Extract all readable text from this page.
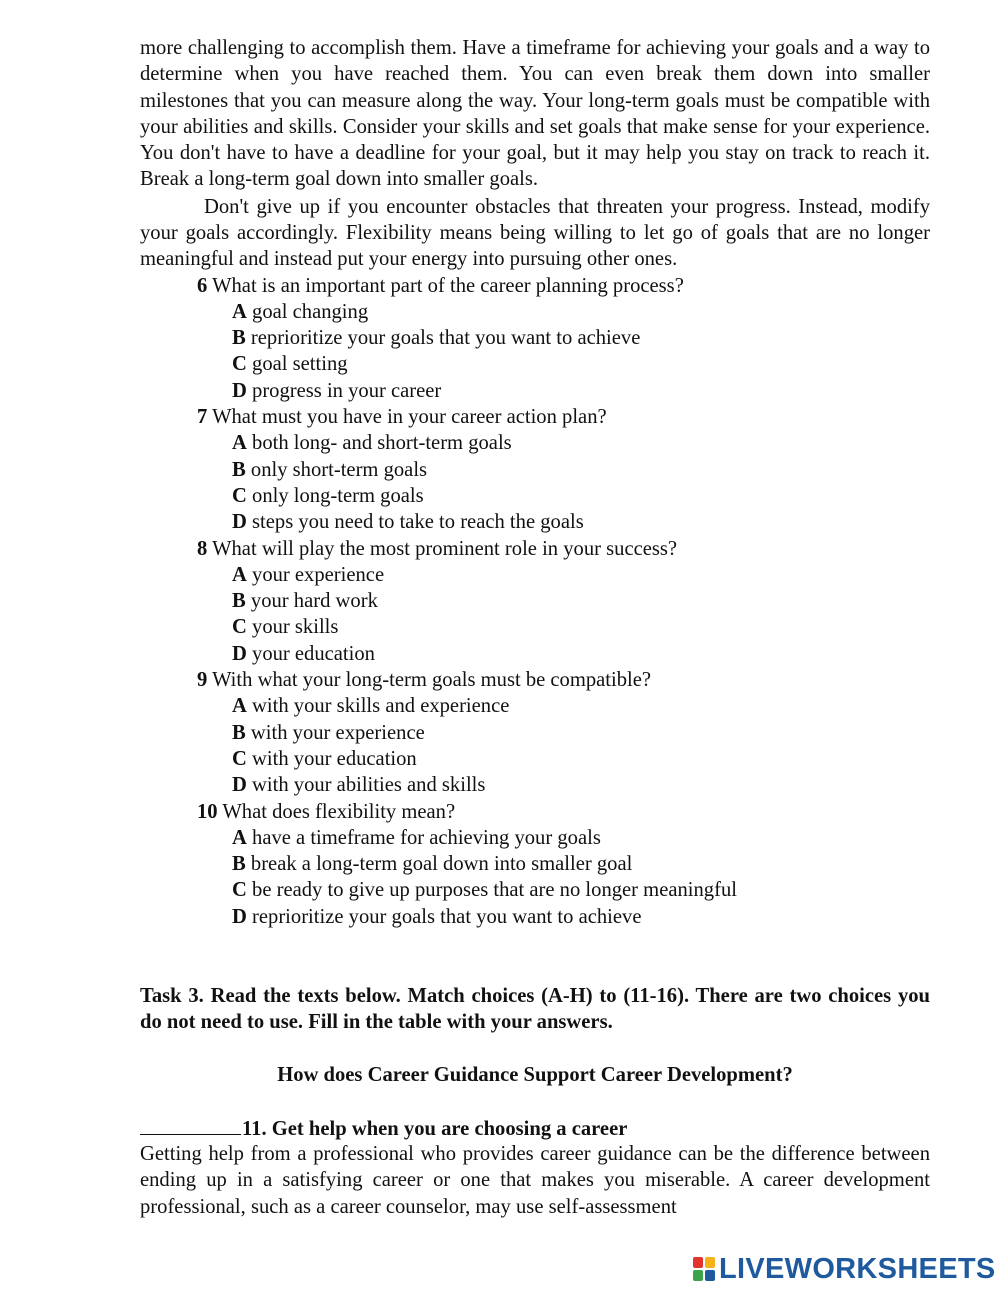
more challenging to accomplish them. Have a timeframe for achieving your goals and a way to determine when you have reached them. You can even break them down into smaller milestones that you can measure along the way. Your long-term goals must be compatible with your abilities and skills. Consider your skills and set goals that make sense for your experience. You don't have to have a deadline for your goal, but it may help you stay on track to reach it. Break a long-term goal down into smaller goals.

Don't give up if you encounter obstacles that threaten your progress. Instead, modify your goals accordingly. Flexibility means being willing to let go of goals that are no longer meaningful and instead put your energy into pursuing other ones.

6 What is an important part of the career planning process?

A goal changing

B reprioritize your goals that you want to achieve

C goal setting

D progress in your career

7 What must you have in your career action plan?

A both long- and short-term goals

B only short-term goals

C only long-term goals

D steps you need to take to reach the goals

8 What will play the most prominent role in your success?

A your experience

B your hard work

C your skills

D your education

9 With what your long-term goals must be compatible?

A with your skills and experience

B with your experience

C with your education

D with your abilities and skills

10 What does flexibility mean?

A have a timeframe for achieving your goals

B break a long-term goal down into smaller goal

C be ready to give up purposes that are no longer meaningful

D reprioritize your goals that you want to achieve

Task 3. Read the texts below. Match choices (A-H) to (11-16). There are two choices you do not need to use. Fill in the table with your answers.

How does Career Guidance Support Career Development?

11. Get help when you are choosing a career

Getting help from a professional who provides career guidance can be the difference between ending up in a satisfying career or one that makes you miserable. A career development professional, such as a career counselor, may use self-assessment

LIVEWORKSHEETS
